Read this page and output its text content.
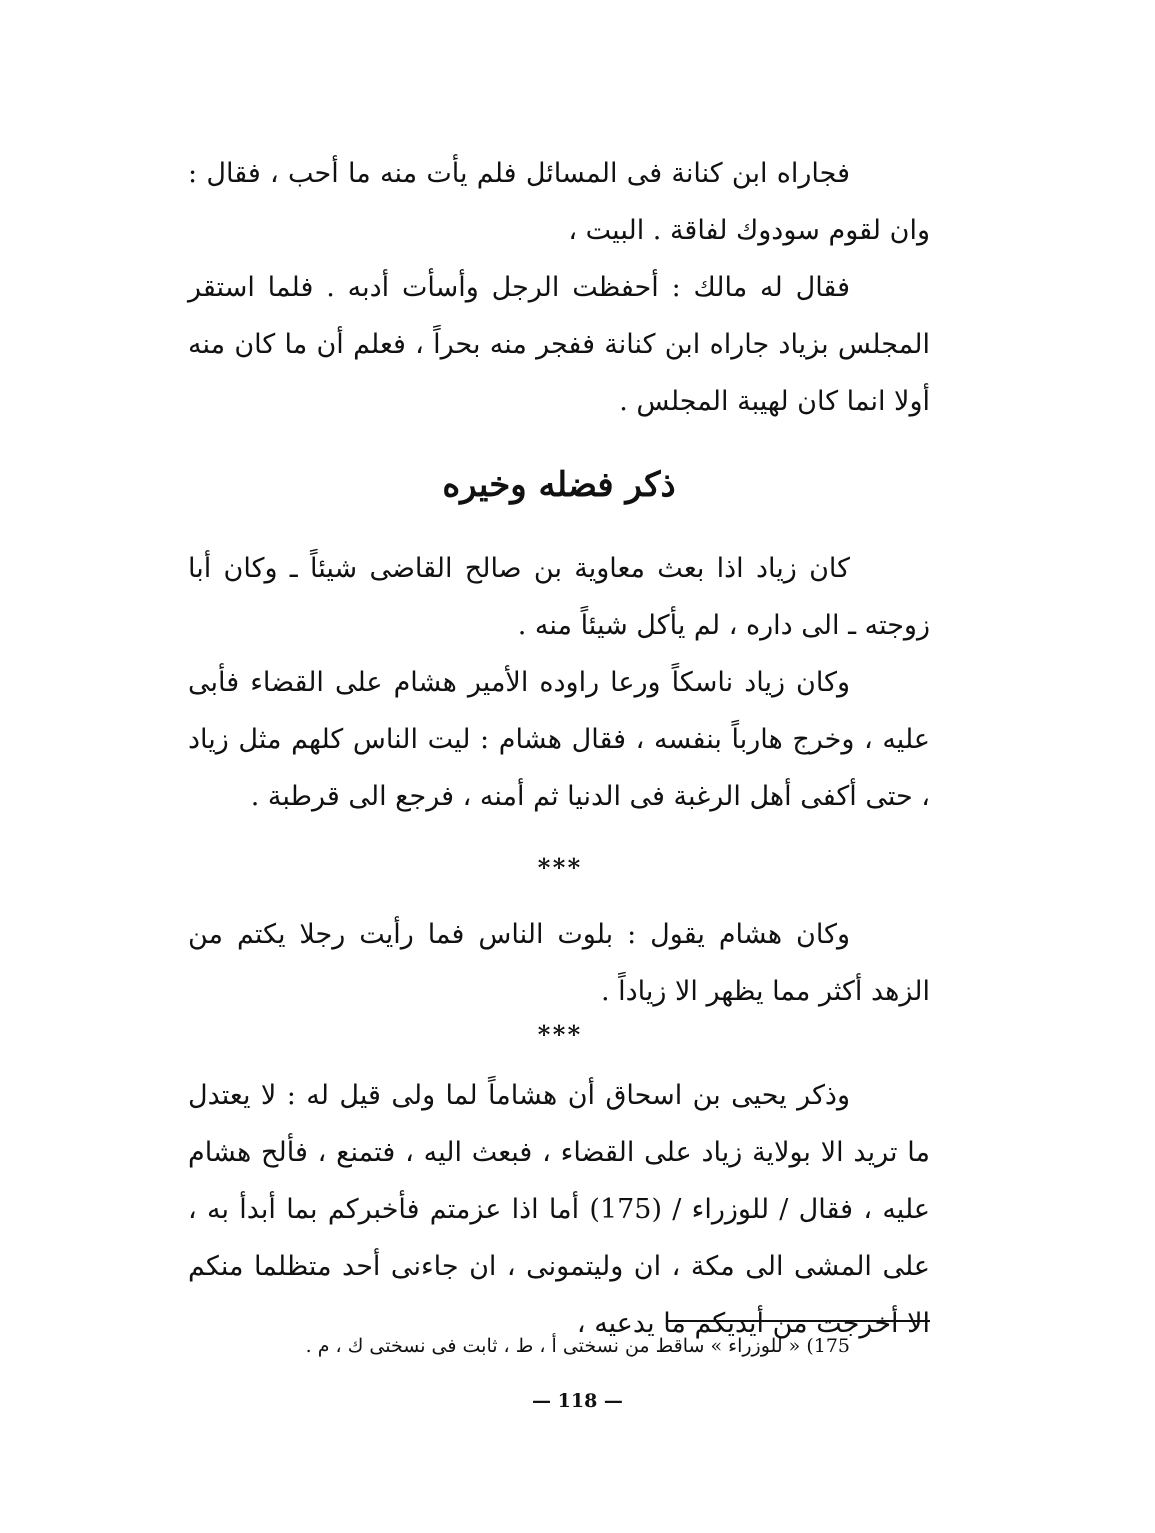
فجاراه ابن كنانة فى المسائل فلم يأت منه ما أحب ، فقال : وان لقوم سودوك لفاقة . البيت ،

فقال له مالك : أحفظت الرجل وأسأت أدبه . فلما استقر المجلس بزياد جاراه ابن كنانة ففجر منه بحراً ، فعلم أن ما كان منه أولا انما كان لهيبة المجلس .

ذكر فضله وخيره

كان زياد اذا بعث معاوية بن صالح القاضى شيئاً ـ وكان أبا زوجته ـ الى داره ، لم يأكل شيئاً منه .

وكان زياد ناسكاً ورعا راوده الأمير هشام على القضاء فأبى عليه ، وخرج هارباً بنفسه ، فقال هشام : ليت الناس كلهم مثل زياد ، حتى أكفى أهل الرغبة فى الدنيا ثم أمنه ، فرجع الى قرطبة .

* * *

وكان هشام يقول : بلوت الناس فما رأيت رجلا يكتم من الزهد أكثر مما يظهر الا زياداً .

* * *

وذكر يحيى بن اسحاق أن هشاماً لما ولى قيل له : لا يعتدل ما تريد الا بولاية زياد على القضاء ، فبعث اليه ، فتمنع ، فألح هشام عليه ، فقال / للوزراء / (175) أما اذا عزمتم فأخبركم بما أبدأ به ، على المشى الى مكة ، ان وليتمونى ، ان جاءنى أحد متظلما منكم الا أخرجت من أيديكم ما يدعيه ،

175) « للوزراء » ساقط من نسختى أ ، ط ، ثابت فى نسختى ك ، م .

— 118 —
